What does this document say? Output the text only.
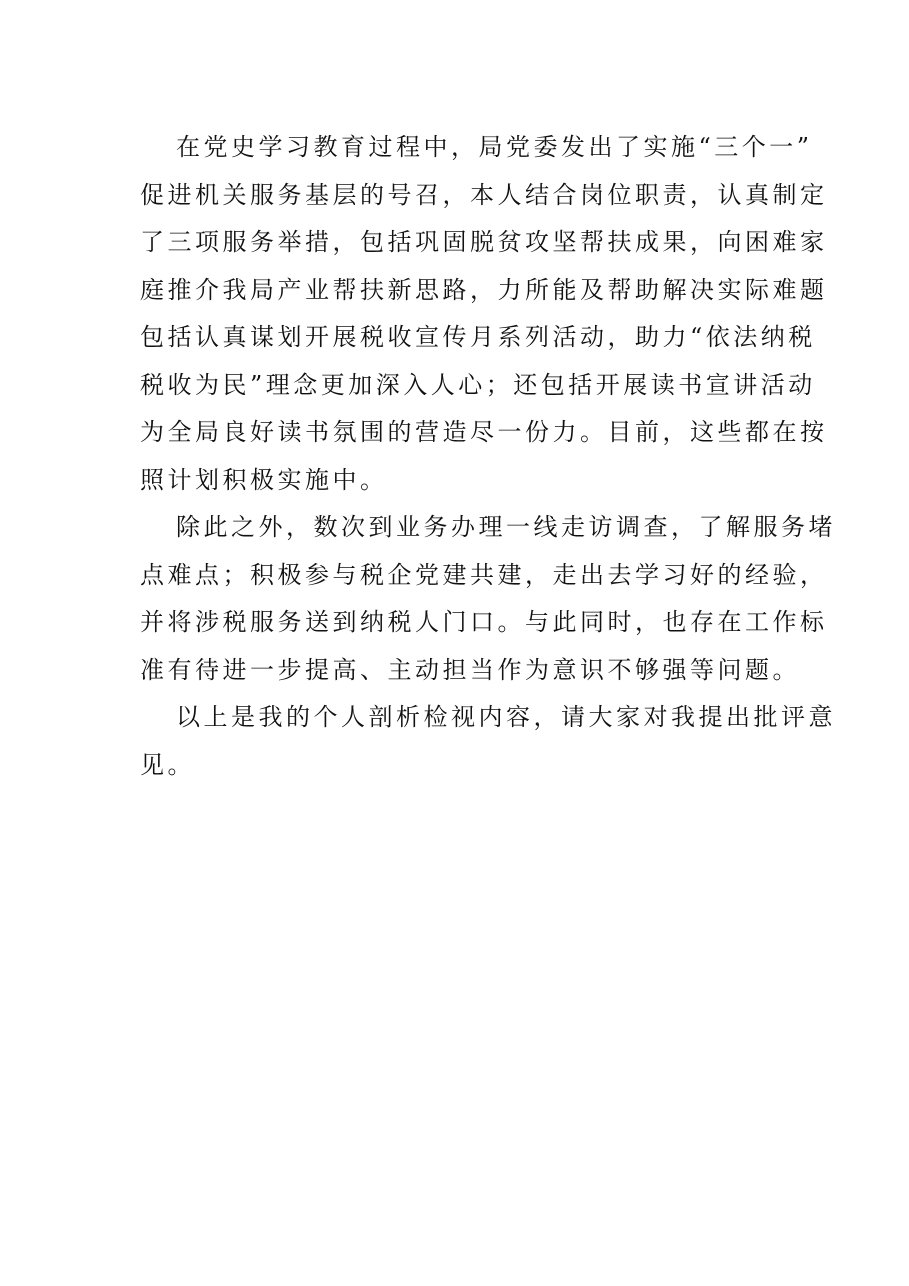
在党史学习教育过程中，局党委发出了实施“三个一”
促进机关服务基层的号召，本人结合岗位职责，认真制定
了三项服务举措，包括巩固脱贫攻坚帮扶成果，向困难家
庭推介我局产业帮扶新思路，力所能及帮助解决实际难题
包括认真谋划开展税收宣传月系列活动，助力“依法纳税
税收为民”理念更加深入人心；还包括开展读书宣讲活动
为全局良好读书氛围的营造尽一份力。目前，这些都在按
照计划积极实施中。
除此之外，数次到业务办理一线走访调查，了解服务堵
点难点；积极参与税企党建共建，走出去学习好的经验，
并将涉税服务送到纳税人门口。与此同时，也存在工作标
准有待进一步提高、主动担当作为意识不够强等问题。
以上是我的个人剖析检视内容，请大家对我提出批评意
见。
